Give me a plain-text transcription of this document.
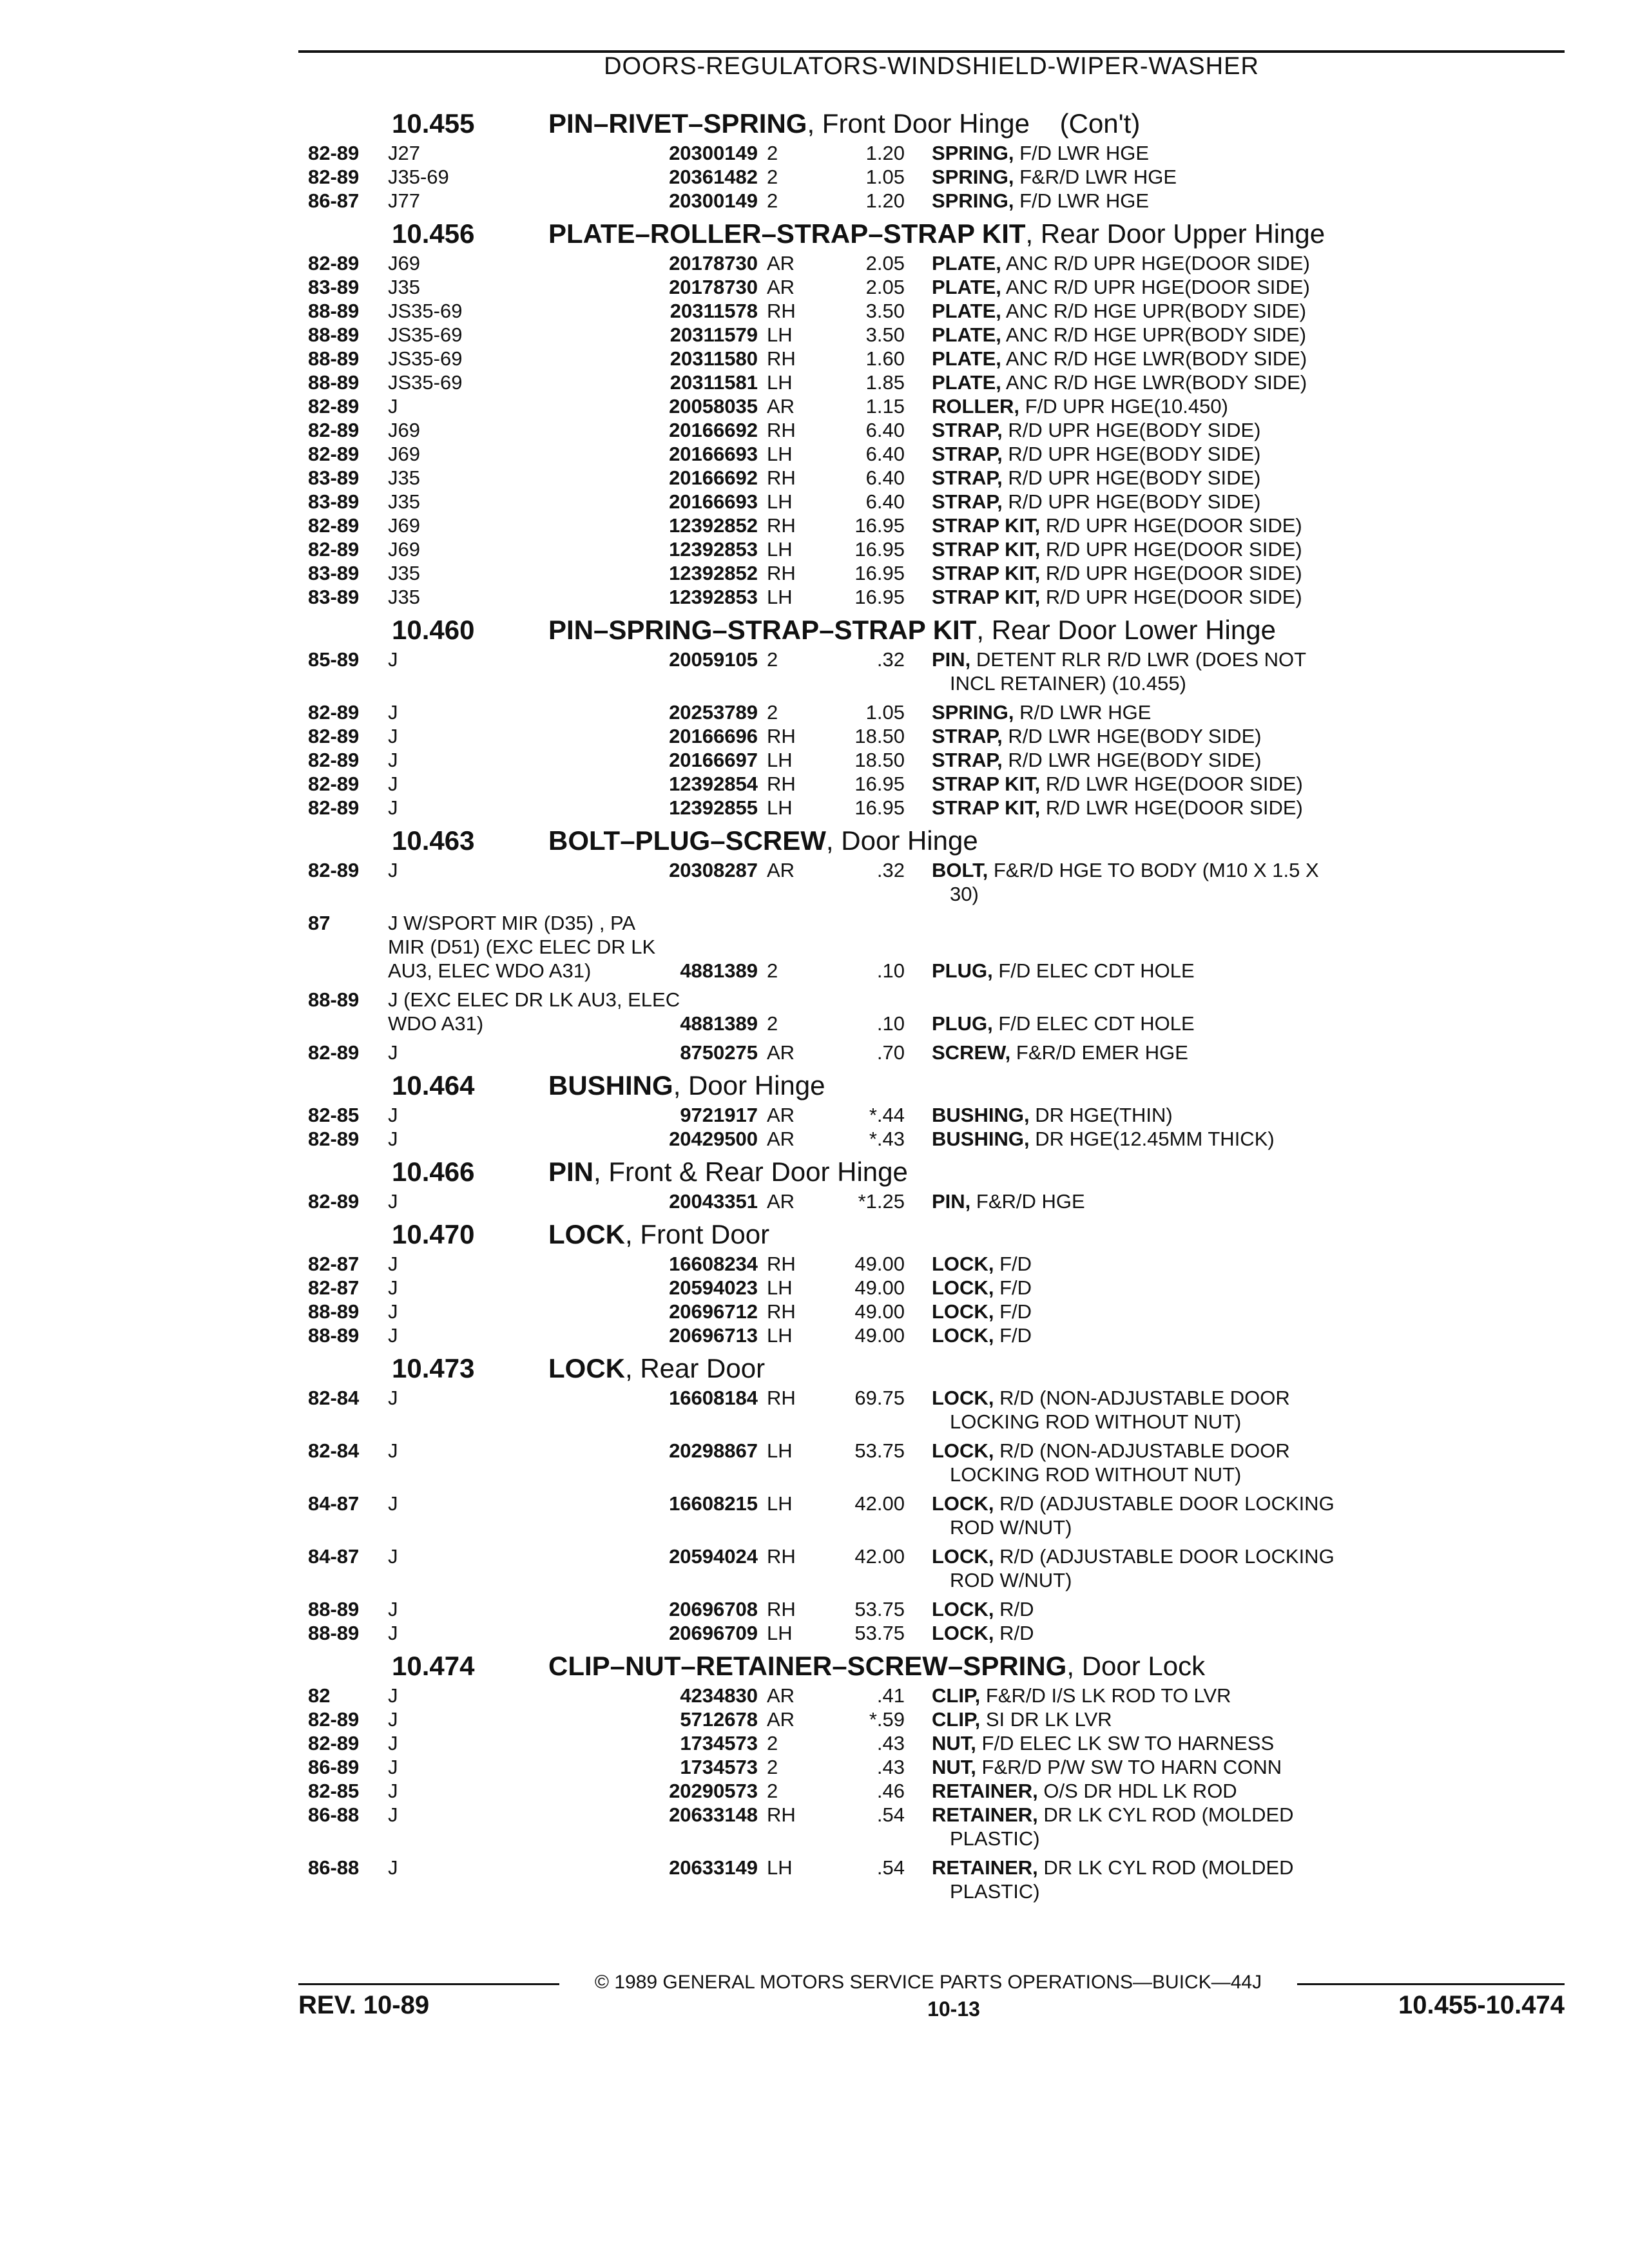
DOORS-REGULATORS-WINDSHIELD-WIPER-WASHER
10.455	PIN–RIVET–SPRING, Front Door Hinge (Con't)
82-89 J27	20300149 2	1.20 SPRING, F/D LWR HGE
82-89 J35-69	20361482 2	1.05 SPRING, F&R/D LWR HGE
86-87 J77	20300149 2	1.20 SPRING, F/D LWR HGE
10.456	PLATE–ROLLER–STRAP–STRAP KIT, Rear Door Upper Hinge
82-89 J69	20178730 AR	2.05 PLATE, ANC R/D UPR HGE(DOOR SIDE)
83-89 J35	20178730 AR	2.05 PLATE, ANC R/D UPR HGE(DOOR SIDE)
88-89 JS35-69	20311578 RH	3.50 PLATE, ANC R/D HGE UPR(BODY SIDE)
88-89 JS35-69	20311579 LH	3.50 PLATE, ANC R/D HGE UPR(BODY SIDE)
88-89 JS35-69	20311580 RH	1.60 PLATE, ANC R/D HGE LWR(BODY SIDE)
88-89 JS35-69	20311581 LH	1.85 PLATE, ANC R/D HGE LWR(BODY SIDE)
82-89 J	20058035 AR	1.15 ROLLER, F/D UPR HGE(10.450)
82-89 J69	20166692 RH	6.40 STRAP, R/D UPR HGE(BODY SIDE)
82-89 J69	20166693 LH	6.40 STRAP, R/D UPR HGE(BODY SIDE)
83-89 J35	20166692 RH	6.40 STRAP, R/D UPR HGE(BODY SIDE)
83-89 J35	20166693 LH	6.40 STRAP, R/D UPR HGE(BODY SIDE)
82-89 J69	12392852 RH	16.95 STRAP KIT, R/D UPR HGE(DOOR SIDE)
82-89 J69	12392853 LH	16.95 STRAP KIT, R/D UPR HGE(DOOR SIDE)
83-89 J35	12392852 RH	16.95 STRAP KIT, R/D UPR HGE(DOOR SIDE)
83-89 J35	12392853 LH	16.95 STRAP KIT, R/D UPR HGE(DOOR SIDE)
10.460	PIN–SPRING–STRAP–STRAP KIT, Rear Door Lower Hinge
85-89 J	20059105 2	.32 PIN, DETENT RLR R/D LWR (DOES NOT
INCL RETAINER) (10.455)
82-89 J	20253789 2	1.05 SPRING, R/D LWR HGE
82-89 J	20166696 RH	18.50 STRAP, R/D LWR HGE(BODY SIDE)
82-89 J	20166697 LH	18.50 STRAP, R/D LWR HGE(BODY SIDE)
82-89 J	12392854 RH	16.95 STRAP KIT, R/D LWR HGE(DOOR SIDE)
82-89 J	12392855 LH	16.95 STRAP KIT, R/D LWR HGE(DOOR SIDE)
10.463	BOLT–PLUG–SCREW, Door Hinge
82-89 J	20308287 AR	.32 BOLT, F&R/D HGE TO BODY (M10 X 1.5 X
30)
87	J W/SPORT MIR (D35) , PA
MIR (D51) (EXC ELEC DR LK
AU3, ELEC WDO A31)	4881389 2	.10 PLUG, F/D ELEC CDT HOLE
88-89 J (EXC ELEC DR LK AU3, ELEC
WDO A31)	4881389 2	.10 PLUG, F/D ELEC CDT HOLE
82-89 J	8750275 AR	.70 SCREW, F&R/D EMER HGE
10.464	BUSHING, Door Hinge
82-85 J	9721917 AR	*.44 BUSHING, DR HGE(THIN)
82-89 J	20429500 AR	*.43 BUSHING, DR HGE(12.45MM THICK)
10.466	PIN, Front & Rear Door Hinge
82-89 J	20043351 AR	*1.25 PIN, F&R/D HGE
10.470	LOCK, Front Door
82-87 J	16608234 RH	49.00 LOCK, F/D
82-87 J	20594023 LH	49.00 LOCK, F/D
88-89 J	20696712 RH	49.00 LOCK, F/D
88-89 J	20696713 LH	49.00 LOCK, F/D
10.473	LOCK, Rear Door
82-84 J	16608184 RH	69.75 LOCK, R/D (NON-ADJUSTABLE DOOR
LOCKING ROD WITHOUT NUT)
82-84 J	20298867 LH	53.75 LOCK, R/D (NON-ADJUSTABLE DOOR
LOCKING ROD WITHOUT NUT)
84-87 J	16608215 LH	42.00 LOCK, R/D (ADJUSTABLE DOOR LOCKING
ROD W/NUT)
84-87 J	20594024 RH	42.00 LOCK, R/D (ADJUSTABLE DOOR LOCKING
ROD W/NUT)
88-89 J	20696708 RH	53.75 LOCK, R/D
88-89 J	20696709 LH	53.75 LOCK, R/D
10.474	CLIP–NUT–RETAINER–SCREW–SPRING, Door Lock
82	J	4234830 AR	.41 CLIP, F&R/D I/S LK ROD TO LVR
82-89 J	5712678 AR	*.59 CLIP, SI DR LK LVR
82-89 J	1734573 2	.43 NUT, F/D ELEC LK SW TO HARNESS
86-89 J	1734573 2	.43 NUT, F&R/D P/W SW TO HARN CONN
82-85 J	20290573 2	.46 RETAINER, O/S DR HDL LK ROD
86-88 J	20633148 RH	.54 RETAINER, DR LK CYL ROD (MOLDED
PLASTIC)
86-88 J	20633149 LH	.54 RETAINER, DR LK CYL ROD (MOLDED
PLASTIC)
© 1989 GENERAL MOTORS SERVICE PARTS OPERATIONS—BUICK—44J
REV. 10-89	10-13	10.455-10.474
